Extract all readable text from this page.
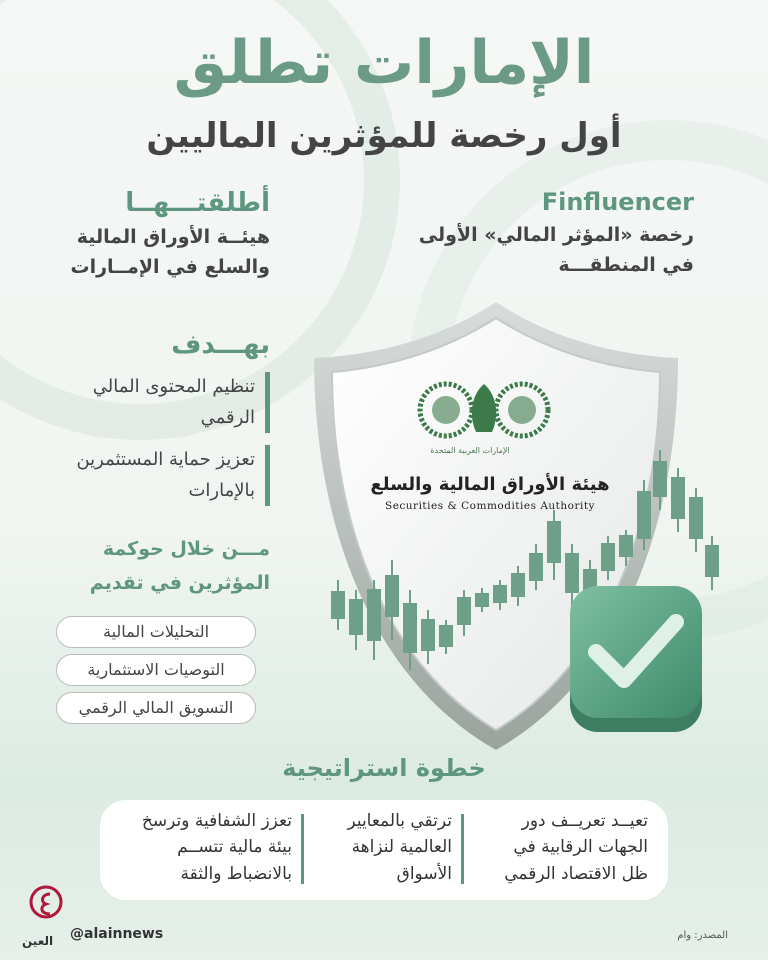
الإمارات تطلق
أول رخصة للمؤثرين الماليين
Finfluencer
رخصة «المؤثر المالي» الأولى
في المنطقـــة
أطلقتـــهــا
هيئــة الأوراق المالية
والسلع في الإمــارات
بهـــدف
تنظيم المحتوى المالي الرقمي
تعزيز حماية المستثمرين بالإمارات
مـــن خلال حوكمة
المؤثرين في تقديم
التحليلات المالية
التوصيات الاستثمارية
التسويق المالي الرقمي
الإمارات العربية المتحدة
هيئة الأوراق المالية والسلع
Securities & Commodities Authority
خطوة استراتيجية
تعيــد تعريــف دور
الجهات الرقابية في
ظل الاقتصاد الرقمي
ترتقي بالمعايير
العالمية لنزاهة
الأسواق
تعزز الشفافية وترسخ
بيئة مالية تتســم
بالانضباط والثقة
العين @alainnews	المصدر: وام
